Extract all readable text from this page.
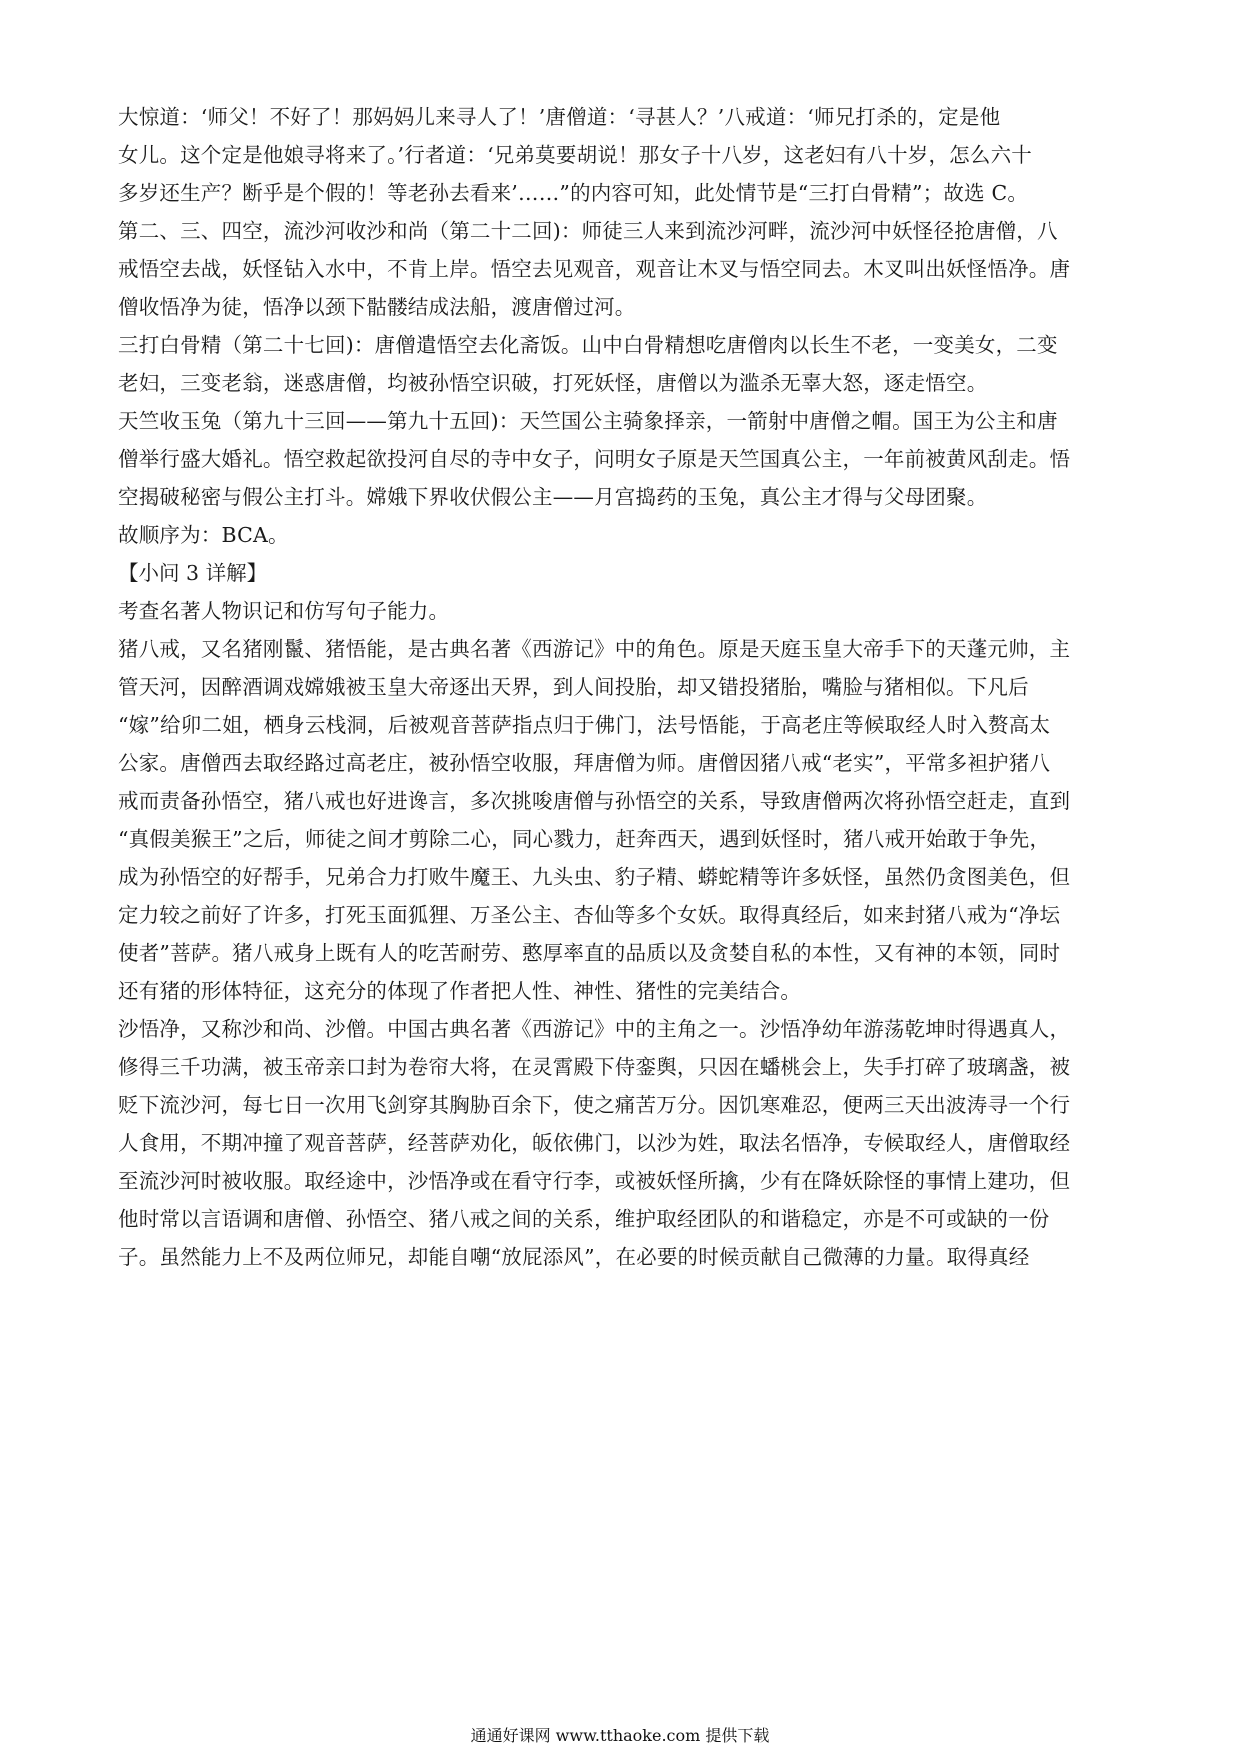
大惊道：‘师父！不好了！那妈妈儿来寻人了！’唐僧道：‘寻甚人？’八戒道：‘师兄打杀的，定是他
女儿。这个定是他娘寻将来了。’行者道：‘兄弟莫要胡说！那女子十八岁，这老妇有八十岁，怎么六十
多岁还生产？断乎是个假的！等老孙去看来’……”的内容可知，此处情节是“三打白骨精”；故选 C。

第二、三、四空，流沙河收沙和尚（第二十二回)：师徒三人来到流沙河畔，流沙河中妖怪径抢唐僧，八
戒悟空去战，妖怪钻入水中，不肯上岸。悟空去见观音，观音让木叉与悟空同去。木叉叫出妖怪悟净。唐
僧收悟净为徒，悟净以颈下骷髅结成法船，渡唐僧过河。

三打白骨精（第二十七回)：唐僧遣悟空去化斋饭。山中白骨精想吃唐僧肉以长生不老，一变美女，二变
老妇，三变老翁，迷惑唐僧，均被孙悟空识破，打死妖怪，唐僧以为滥杀无辜大怒，逐走悟空。

天竺收玉兔（第九十三回——第九十五回)：天竺国公主骑象择亲，一箭射中唐僧之帽。国王为公主和唐
僧举行盛大婚礼。悟空救起欲投河自尽的寺中女子，问明女子原是天竺国真公主，一年前被黄风刮走。悟
空揭破秘密与假公主打斗。嫦娥下界收伏假公主——月宫捣药的玉兔，真公主才得与父母团聚。

故顺序为：BCA。

【小问 3 详解】

考查名著人物识记和仿写句子能力。

猪八戒，又名猪刚鬣、猪悟能，是古典名著《西游记》中的角色。原是天庭玉皇大帝手下的天蓬元帅，主
管天河，因醉酒调戏嫦娥被玉皇大帝逐出天界，到人间投胎，却又错投猪胎，嘴脸与猪相似。下凡后
“嫁”给卯二姐，栖身云栈洞，后被观音菩萨指点归于佛门，法号悟能，于高老庄等候取经人时入赘高太
公家。唐僧西去取经路过高老庄，被孙悟空收服，拜唐僧为师。唐僧因猪八戒“老实”，平常多袒护猪八
戒而责备孙悟空，猪八戒也好进谗言，多次挑唆唐僧与孙悟空的关系，导致唐僧两次将孙悟空赶走，直到
“真假美猴王”之后，师徒之间才剪除二心，同心戮力，赶奔西天，遇到妖怪时，猪八戒开始敢于争先，
成为孙悟空的好帮手，兄弟合力打败牛魔王、九头虫、豹子精、蟒蛇精等许多妖怪，虽然仍贪图美色，但
定力较之前好了许多，打死玉面狐狸、万圣公主、杏仙等多个女妖。取得真经后，如来封猪八戒为“净坛
使者”菩萨。猪八戒身上既有人的吃苦耐劳、憨厚率直的品质以及贪婪自私的本性，又有神的本领，同时
还有猪的形体特征，这充分的体现了作者把人性、神性、猪性的完美结合。

沙悟净，又称沙和尚、沙僧。中国古典名著《西游记》中的主角之一。沙悟净幼年游荡乾坤时得遇真人，
修得三千功满，被玉帝亲口封为卷帘大将，在灵霄殿下侍銮舆，只因在蟠桃会上，失手打碎了玻璃盏，被
贬下流沙河，每七日一次用飞剑穿其胸胁百余下，使之痛苦万分。因饥寒难忍，便两三天出波涛寻一个行
人食用，不期冲撞了观音菩萨，经菩萨劝化，皈依佛门，以沙为姓，取法名悟净，专候取经人，唐僧取经
至流沙河时被收服。取经途中，沙悟净或在看守行李，或被妖怪所擒，少有在降妖除怪的事情上建功，但
他时常以言语调和唐僧、孙悟空、猪八戒之间的关系，维护取经团队的和谐稳定，亦是不可或缺的一份
子。虽然能力上不及两位师兄，却能自嘲“放屁添风”，在必要的时候贡献自己微薄的力量。取得真经

通通好课网 www.tthaoke.com 提供下载
